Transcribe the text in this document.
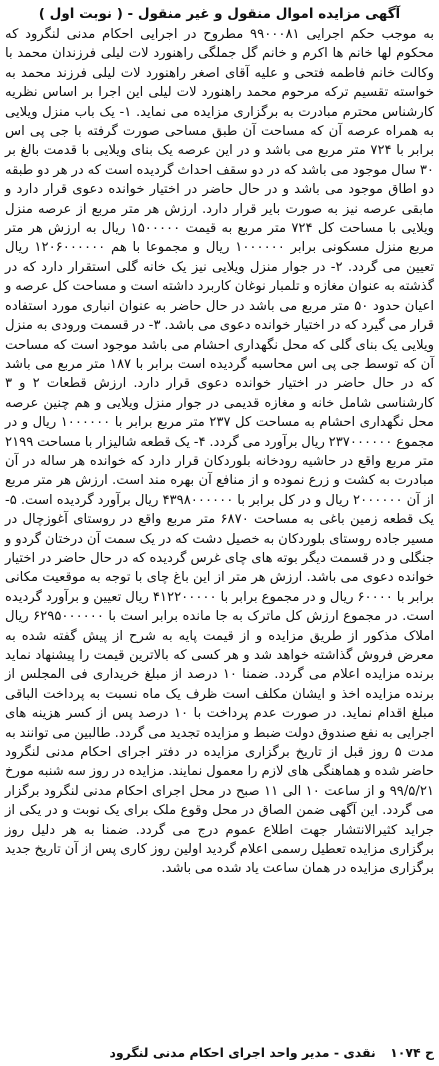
آگهی مزایده اموال منقول و غیر منقول - ( نوبت اول )

به موجب حکم اجرایی ۹۹۰۰۰۸۱ مطروح در اجرایی احکام مدنی لنگرود که محکوم لها خانم ها اکرم و خانم گل جملگی راهنورد لات لیلی فرزندان محمد با وکالت خانم فاطمه فتحی و علیه آقای اصغر راهنورد لات لیلی فرزند محمد به خواسته تقسیم ترکه مرحوم محمد راهنورد لات لیلی این اجرا بر اساس نظریه کارشناس محترم مبادرت به برگزاری مزایده می نماید. ۱- یک باب منزل ویلایی به همراه عرصه آن که مساحت آن طبق مساحی صورت گرفته با جی پی اس برابر با ۷۲۴ متر مربع می باشد و در این عرصه یک بنای ویلایی با قدمت بالغ بر ۳۰ سال موجود می باشد که در دو سقف احداث گردیده است که در هر دو طبقه دو اطاق موجود می باشد و در حال حاضر در اختیار خوانده دعوی قرار دارد و مابقی عرصه نیز به صورت بایر قرار دارد. ارزش هر متر مربع از عرصه منزل ویلایی با مساحت کل ۷۲۴ متر مربع به قیمت ۱۵۰۰۰۰۰ ریال به ارزش هر متر مربع منزل مسکونی برابر ۱۰۰۰۰۰۰ ریال و مجموعا با هم ۱۲۰۶۰۰۰۰۰۰ ریال تعیین می گردد. ۲- در جوار منزل ویلایی نیز یک خانه گلی استقرار دارد که در گذشته به عنوان مغازه و تلمبار نوغان کاربرد داشته است و مساحت کل عرصه و اعیان حدود ۵۰ متر مربع می باشد در حال حاضر به عنوان انباری مورد استفاده قرار می گیرد که در اختیار خوانده دعوی می باشد. ۳- در قسمت ورودی به منزل ویلایی یک بنای گلی که محل نگهداری احشام می باشد موجود است که مساحت آن که توسط جی پی اس محاسبه گردیده است برابر با ۱۸۷ متر مربع می باشد که در حال حاضر در اختیار خوانده دعوی قرار دارد. ارزش قطعات ۲ و ۳ کارشناسی شامل خانه و مغازه قدیمی در جوار منزل ویلایی و هم چنین عرصه محل نگهداری احشام به مساحت کل ۲۳۷ متر مربع برابر با ۱۰۰۰۰۰۰ ریال و در مجموع ۲۳۷۰۰۰۰۰۰ ریال برآورد می گردد. ۴- یک قطعه شالیزار با مساحت ۲۱۹۹ متر مربع واقع در حاشیه رودخانه بلوردکان قرار دارد که خوانده هر ساله در آن مبادرت به کشت و زرع نموده و از منافع آن بهره مند است. ارزش هر متر مربع از آن ۲۰۰۰۰۰۰ ریال و در کل برابر با ۴۳۹۸۰۰۰۰۰۰ ریال برآورد گردیده است. ۵- یک قطعه زمین باغی به مساحت ۶۸۷۰ متر مربع واقع در روستای آغوزچال در مسیر جاده روستای بلوردکان به خصیل دشت که در یک سمت آن درختان گردو و جنگلی و در قسمت دیگر بوته های چای غرس گردیده که در حال حاضر در اختیار خوانده دعوی می باشد. ارزش هر متر از این باغ چای با توجه به موقعیت مکانی برابر با ۶۰۰۰۰ ریال و در مجموع برابر با ۴۱۲۲۰۰۰۰۰ ریال تعیین و برآورد گردیده است. در مجموع ارزش کل ماترک به جا مانده برابر است با ۶۲۹۵۰۰۰۰۰۰ ریال املاک مذکور از طریق مزایده و از قیمت پایه به شرح از پیش گفته شده به معرض فروش گذاشته خواهد شد و هر کسی که بالاترین قیمت را پیشنهاد نماید برنده مزایده اعلام می گردد. ضمنا ۱۰ درصد از مبلغ خریداری فی المجلس از برنده مزایده اخذ و ایشان مکلف است ظرف یک ماه نسبت به پرداخت الباقی مبلغ اقدام نماید. در صورت عدم پرداخت با ۱۰ درصد پس از کسر هزینه های اجرایی به نفع صندوق دولت ضبط و مزایده تجدید می گردد. طالبین می توانند به مدت ۵ روز قبل از تاریخ برگزاری مزایده در دفتر اجرای احکام مدنی لنگرود حاضر شده و هماهنگی های لازم را معمول نمایند. مزایده در روز سه شنبه مورخ ۹۹/۵/۲۱ و از ساعت ۱۰ الی ۱۱ صبح در محل اجرای احکام مدنی لنگرود برگزار می گردد. این آگهی ضمن الصاق در محل وقوع ملک برای یک نوبت و در یکی از جراید کثیرالانتشار جهت اطلاع عموم درج می گردد. ضمنا به هر دلیل روز برگزاری مزایده تعطیل رسمی اعلام گردید اولین روز کاری پس از آن تاریخ جدید برگزاری مزایده در همان ساعت یاد شده می باشد.

ح ۱۰۷۴ نقدی - مدیر واحد اجرای احکام مدنی لنگرود
